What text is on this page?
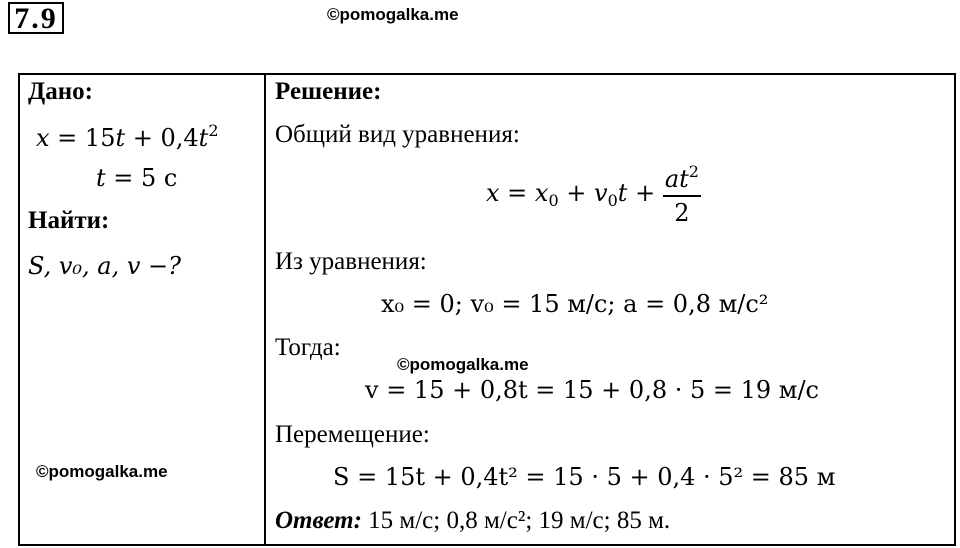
7.9	©pomogalka.me
Дано:
$x = 15t + 0,4t^2$
t = 5 с
Найти:
S, v₀, a, v −?
©pomogalka.me
Решение:
Общий вид уравнения:
$x = x_0 + v_0t + \frac{at^2}{2}$
Из уравнения:
x₀ = 0; v₀ = 15 м/с; a = 0,8 м/с²
Тогда:
©pomogalka.me
v = 15 + 0,8t = 15 + 0,8 · 5 = 19 м/с
Перемещение:
S = 15t + 0,4t² = 15 · 5 + 0,4 · 5² = 85 м
Ответ: 15 м/с; 0,8 м/с²; 19 м/с; 85 м.
